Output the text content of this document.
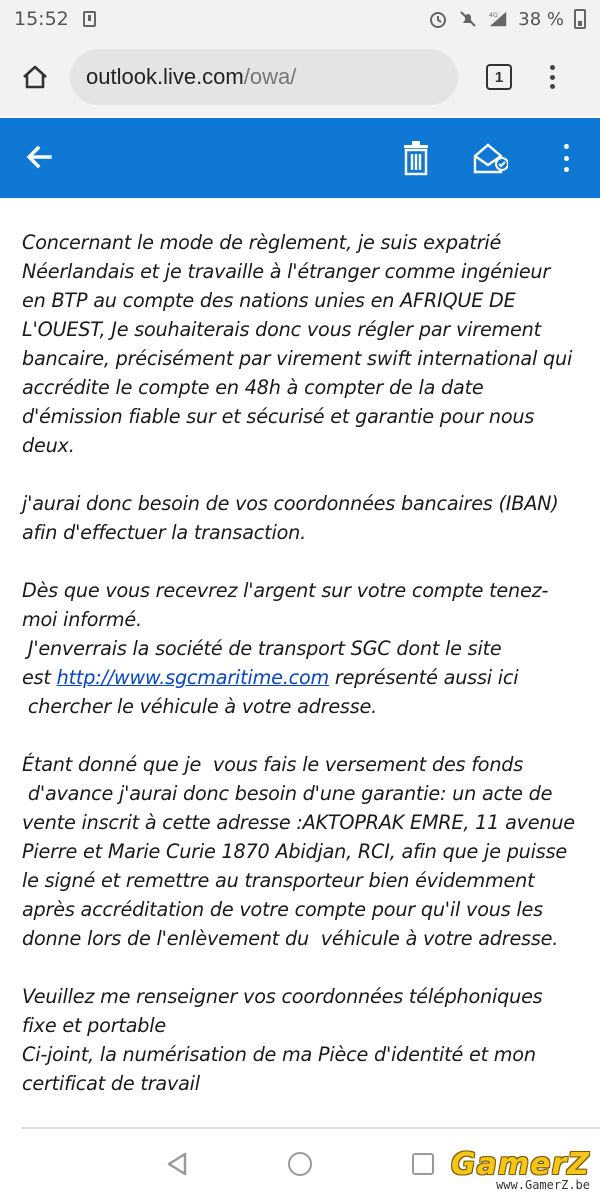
15:52	4G 38 %
outlook.live.com /owa/	1
Concernant le mode de règlement, je suis expatrié
Néerlandais et je travaille à l'étranger comme ingénieur
en BTP au compte des nations unies en AFRIQUE DE
L'OUEST, Je souhaiterais donc vous régler par virement
bancaire, précisément par virement swift international qui
accrédite le compte en 48h à compter de la date
d'émission fiable sur et sécurisé et garantie pour nous
deux.
j'aurai donc besoin de vos coordonnées bancaires (IBAN)
afin d'effectuer la transaction.
Dès que vous recevrez l'argent sur votre compte tenez-
moi informé.
J'enverrais la société de transport SGC dont le site
est http://www.sgcmaritime.com représenté aussi ici
chercher le véhicule à votre adresse.
Étant donné que je  vous fais le versement des fonds
d'avance j'aurai donc besoin d'une garantie: un acte de
vente inscrit à cette adresse :AKTOPRAK EMRE, 11 avenue
Pierre et Marie Curie 1870 Abidjan, RCI, afin que je puisse
le signé et remettre au transporteur bien évidemment
après accréditation de votre compte pour qu'il vous les
donne lors de l'enlèvement du  véhicule à votre adresse.
Veuillez me renseigner vos coordonnées téléphoniques
fixe et portable
Ci-joint, la numérisation de ma Pièce d'identité et mon
certificat de travail
GamerZ
www.GamerZ.be
